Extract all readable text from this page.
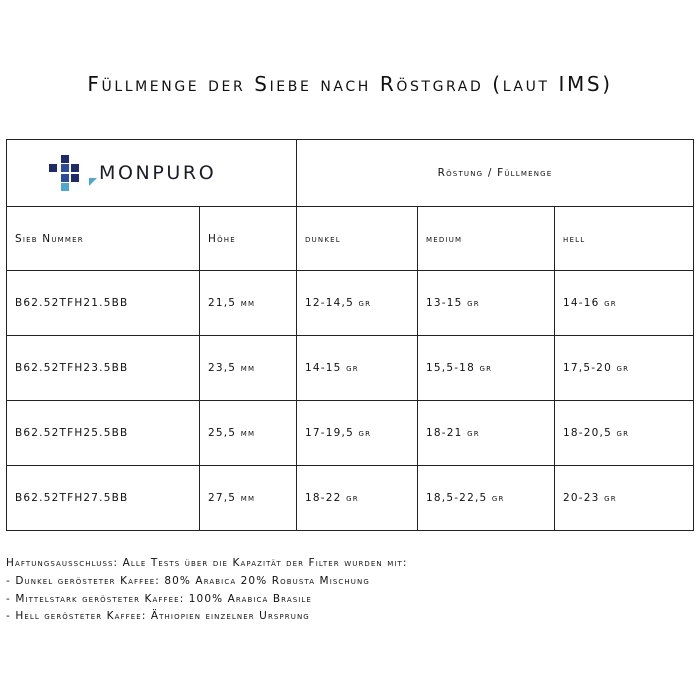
Füllmenge der Siebe nach Röstgrad (laut IMS)
MONPURO		Röstung / Füllmenge		
Sieb Nummer	Höhe	dunkel	medium	hell
B62.52TFH21.5BB	21,5 mm	12-14,5 gr	13-15 gr	14-16 gr
B62.52TFH23.5BB	23,5 mm	14-15 gr	15,5-18 gr	17,5-20 gr
B62.52TFH25.5BB	25,5 mm	17-19,5 gr	18-21 gr	18-20,5 gr
B62.52TFH27.5BB	27,5 mm	18-22 gr	18,5-22,5 gr	20-23 gr
Haftungsausschluss: Alle Tests über die Kapazität der Filter wurden mit:
- Dunkel gerösteter Kaffee: 80% Arabica 20% Robusta Mischung
- Mittelstark gerösteter Kaffee: 100% Arabica Brasile
- Hell gerösteter Kaffee: Äthiopien einzelner Ursprung
